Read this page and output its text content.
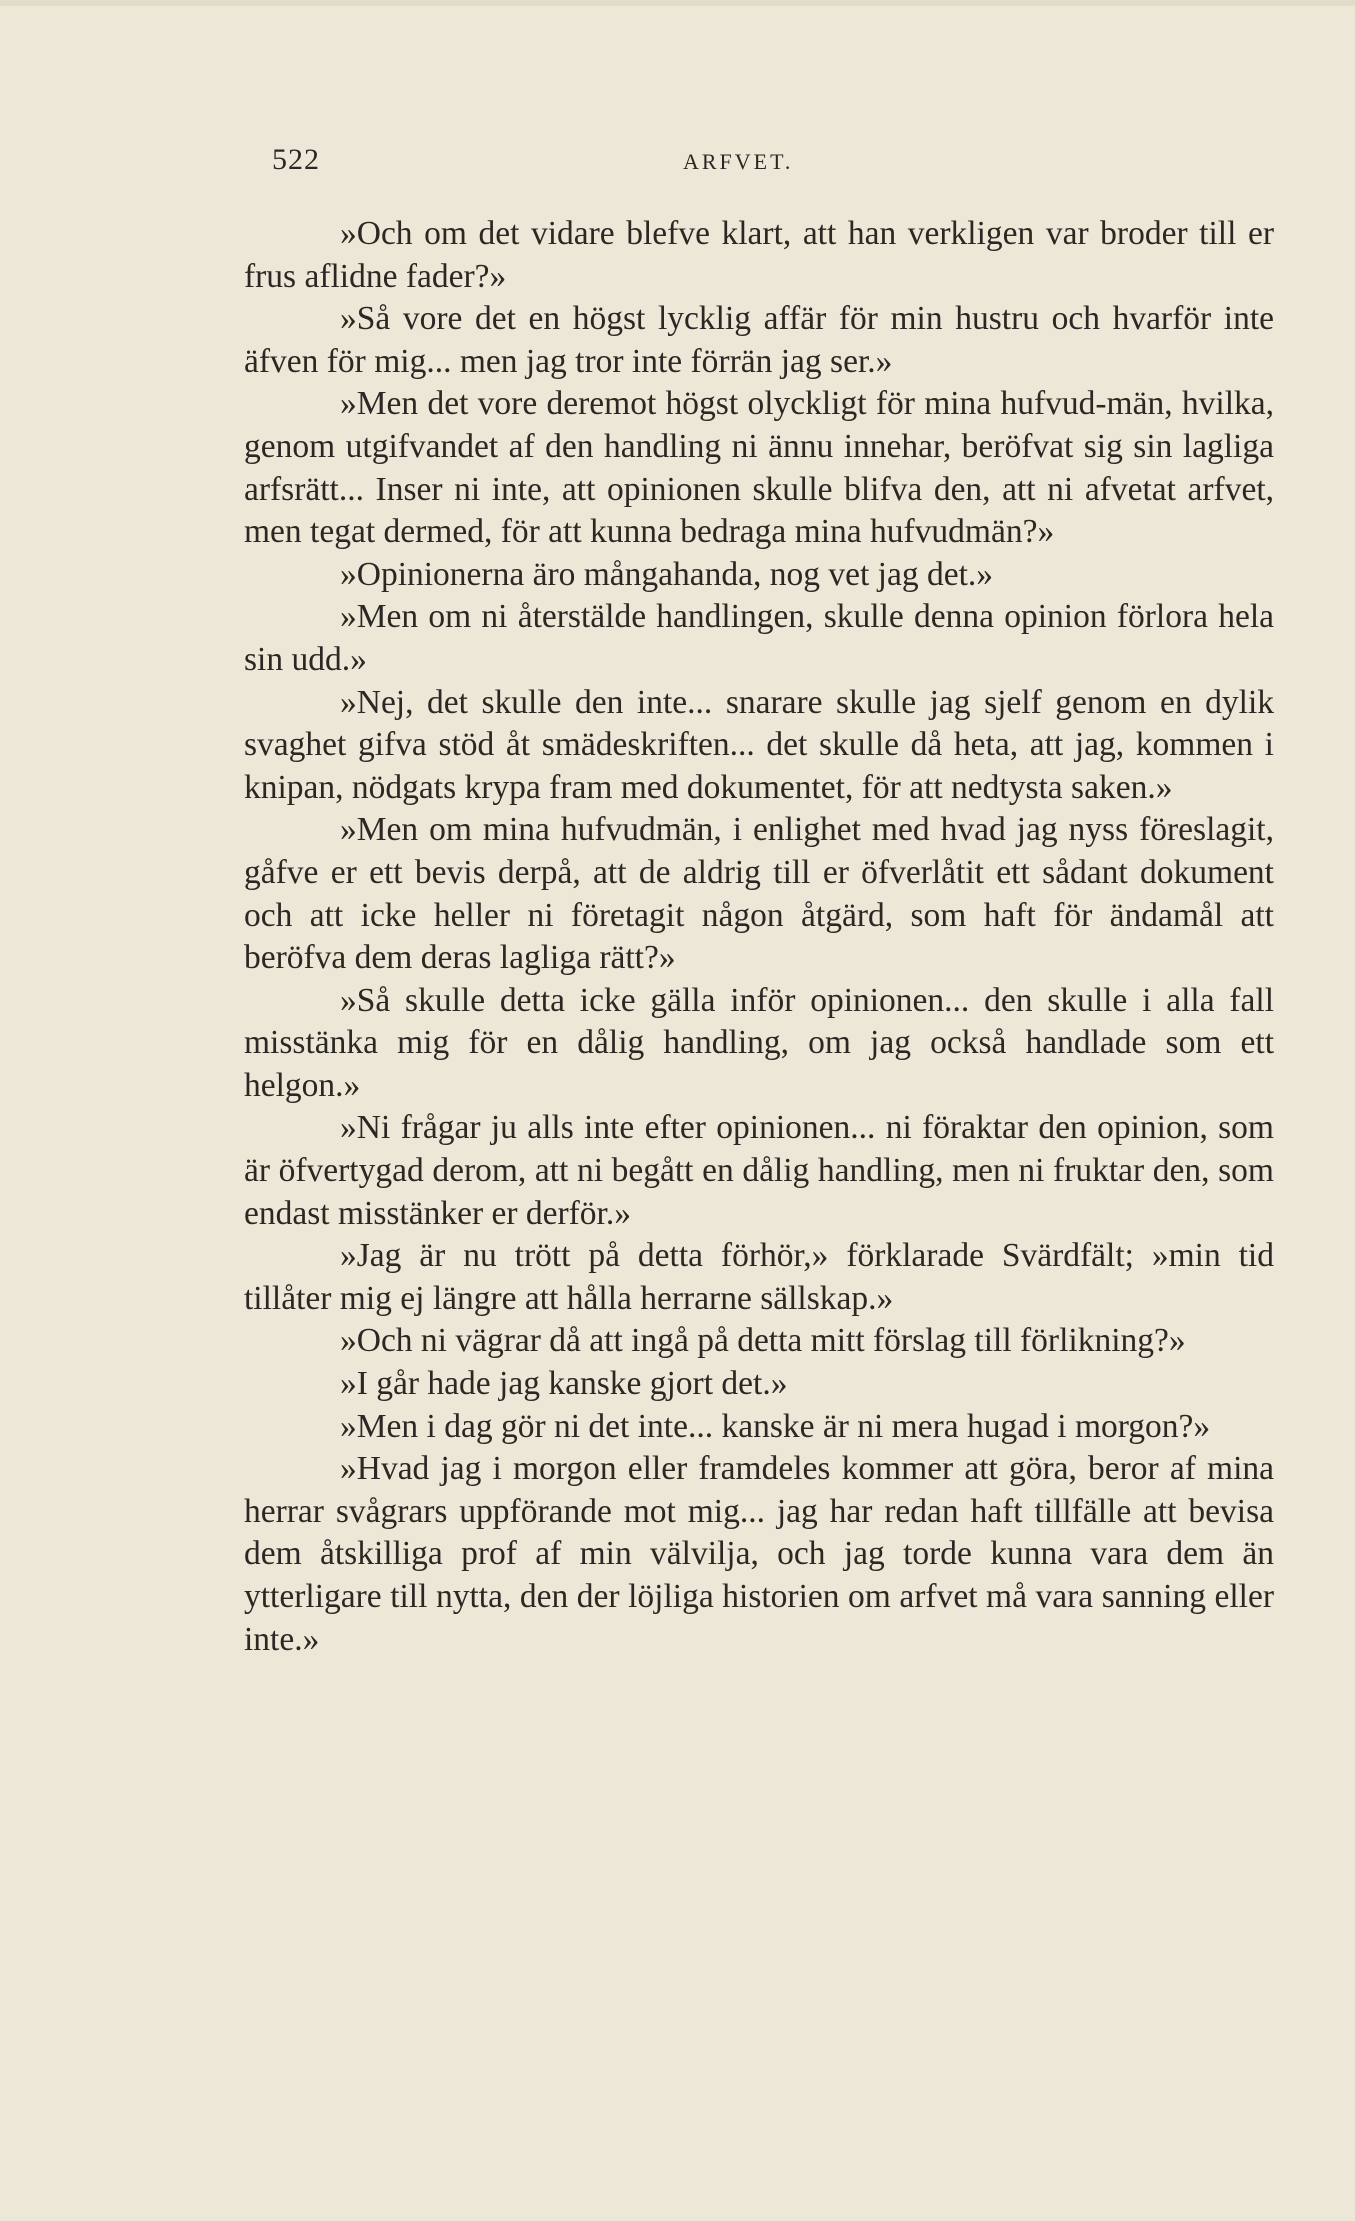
522	ARFVET.

»Och om det vidare blefve klart, att han verkligen var broder till er frus aflidne fader?»

»Så vore det en högst lycklig affär för min hustru och hvarför inte äfven för mig... men jag tror inte förrän jag ser.»

»Men det vore deremot högst olyckligt för mina hufvud-män, hvilka, genom utgifvandet af den handling ni ännu innehar, beröfvat sig sin lagliga arfsrätt... Inser ni inte, att opinionen skulle blifva den, att ni afvetat arfvet, men tegat dermed, för att kunna bedraga mina hufvudmän?»

»Opinionerna äro mångahanda, nog vet jag det.»

»Men om ni återstälde handlingen, skulle denna opinion förlora hela sin udd.»

»Nej, det skulle den inte... snarare skulle jag sjelf genom en dylik svaghet gifva stöd åt smädeskriften... det skulle då heta, att jag, kommen i knipan, nödgats krypa fram med dokumentet, för att nedtysta saken.»

»Men om mina hufvudmän, i enlighet med hvad jag nyss föreslagit, gåfve er ett bevis derpå, att de aldrig till er öfverlåtit ett sådant dokument och att icke heller ni företagit någon åtgärd, som haft för ändamål att beröfva dem deras lagliga rätt?»

»Så skulle detta icke gälla inför opinionen... den skulle i alla fall misstänka mig för en dålig handling, om jag också handlade som ett helgon.»

»Ni frågar ju alls inte efter opinionen... ni föraktar den opinion, som är öfvertygad derom, att ni begått en dålig handling, men ni fruktar den, som endast misstänker er derför.»

»Jag är nu trött på detta förhör,» förklarade Svärdfält; »min tid tillåter mig ej längre att hålla herrarne sällskap.»

»Och ni vägrar då att ingå på detta mitt förslag till förlikning?»

»I går hade jag kanske gjort det.»

»Men i dag gör ni det inte... kanske är ni mera hugad i morgon?»

»Hvad jag i morgon eller framdeles kommer att göra, beror af mina herrar svågrars uppförande mot mig... jag har redan haft tillfälle att bevisa dem åtskilliga prof af min välvilja, och jag torde kunna vara dem än ytterligare till nytta, den der löjliga historien om arfvet må vara sanning eller inte.»
